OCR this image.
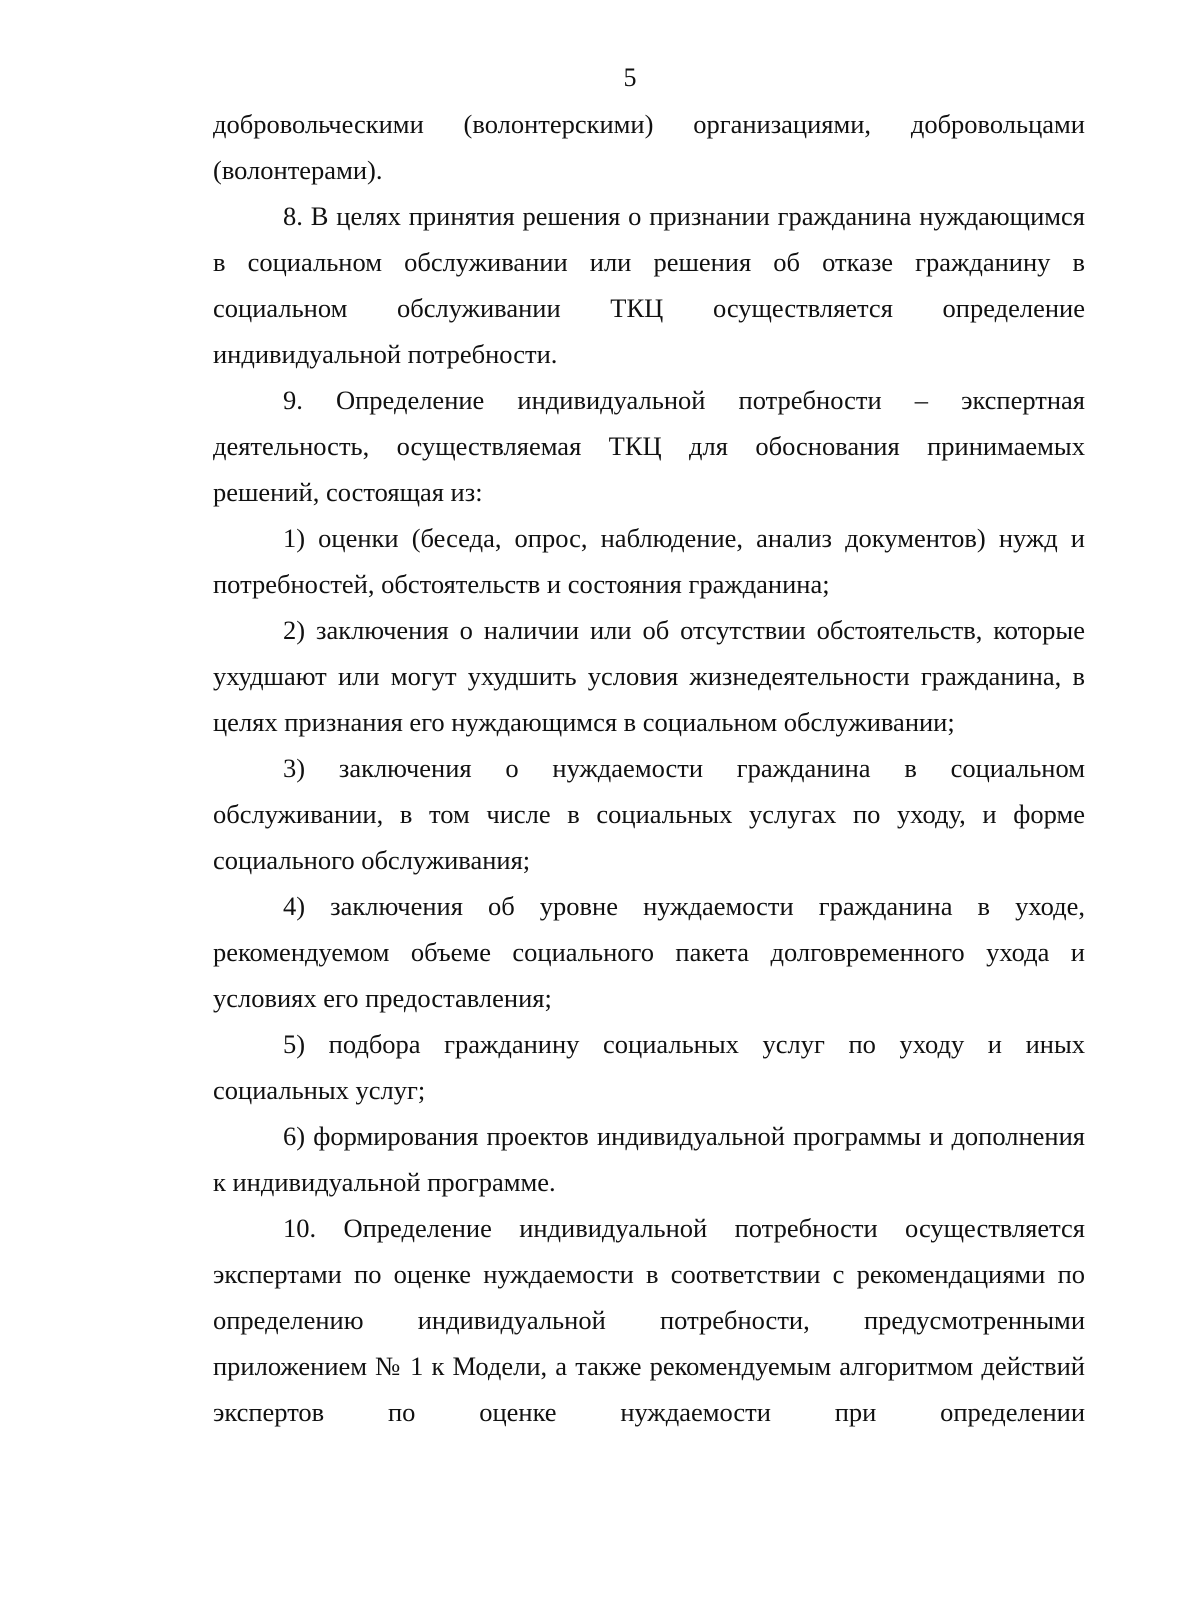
5

добровольческими (волонтерскими) организациями, добровольцами (волонтерами).

8. В целях принятия решения о признании гражданина нуждающимся в социальном обслуживании или решения об отказе гражданину в социальном обслуживании ТКЦ осуществляется определение индивидуальной потребности.

9. Определение индивидуальной потребности – экспертная деятельность, осуществляемая ТКЦ для обоснования принимаемых решений, состоящая из:

1) оценки (беседа, опрос, наблюдение, анализ документов) нужд и потребностей, обстоятельств и состояния гражданина;

2) заключения о наличии или об отсутствии обстоятельств, которые ухудшают или могут ухудшить условия жизнедеятельности гражданина, в целях признания его нуждающимся в социальном обслуживании;

3) заключения о нуждаемости гражданина в социальном обслуживании, в том числе в социальных услугах по уходу, и форме социального обслуживания;

4) заключения об уровне нуждаемости гражданина в уходе, рекомендуемом объеме социального пакета долговременного ухода и условиях его предоставления;

5) подбора гражданину социальных услуг по уходу и иных социальных услуг;

6) формирования проектов индивидуальной программы и дополнения к индивидуальной программе.

10. Определение индивидуальной потребности осуществляется экспертами по оценке нуждаемости в соответствии с рекомендациями по определению индивидуальной потребности, предусмотренными приложением № 1 к Модели, а также рекомендуемым алгоритмом действий экспертов по оценке нуждаемости при определении
